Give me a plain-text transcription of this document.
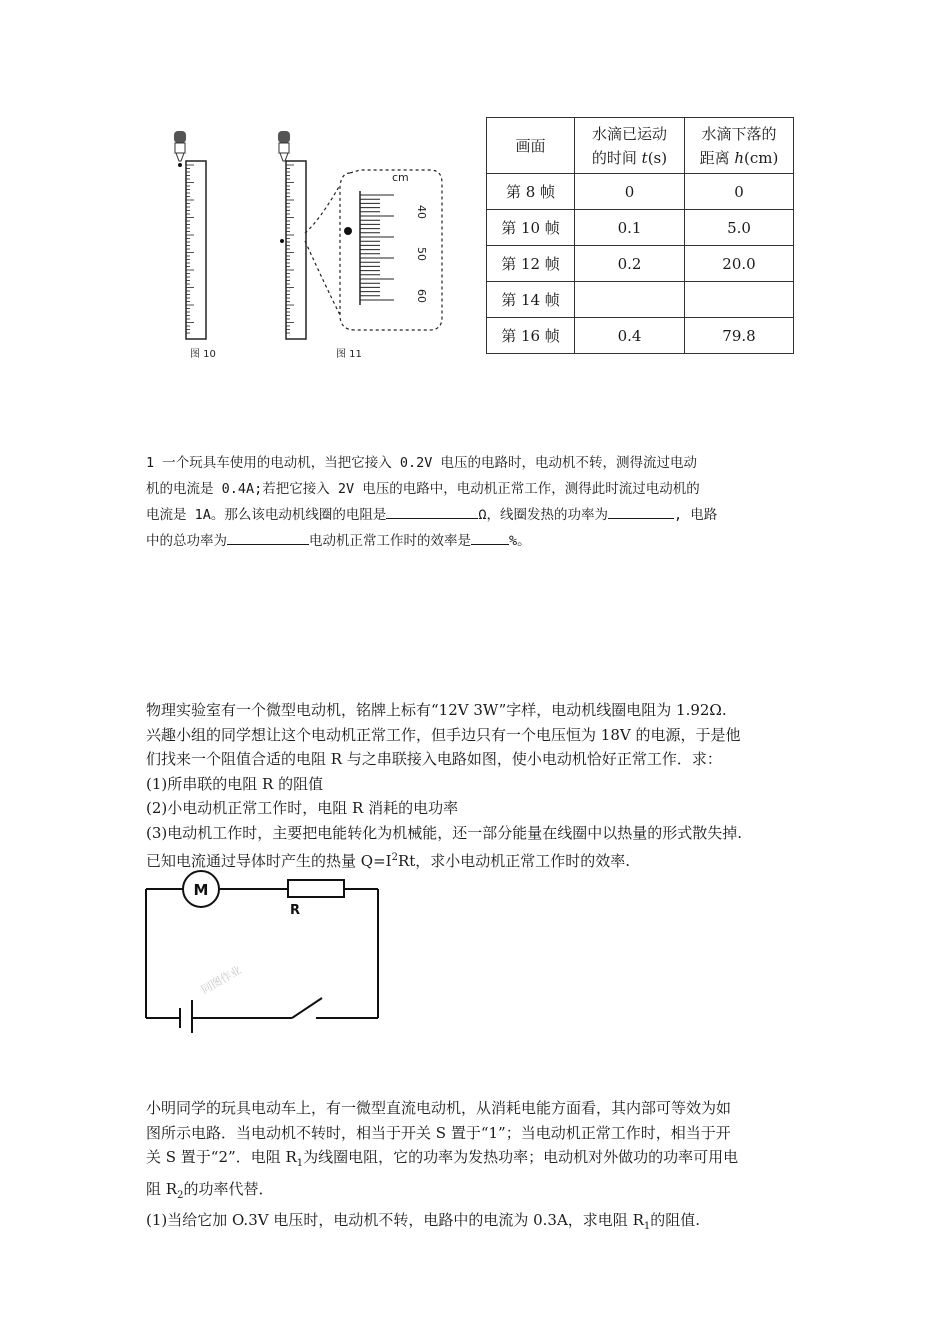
cm
40
50
60
图 10	图 11
画面	水滴已运动
的时间 t(s)	水滴下落的
距离 h(cm)
第 8 帧	0	0
第 10 帧	0.1	5.0
第 12 帧	0.2	20.0
第 14 帧		
第 16 帧	0.4	79.8
1 一个玩具车使用的电动机，当把它接入 0.2V 电压的电路时，电动机不转，测得流过电动
机的电流是 0.4A;若把它接入 2V 电压的电路中，电动机正常工作，测得此时流过电动机的
电流是 1A。那么该电动机线圈的电阻是	Ω，线圈发热的功率为	, 电路
中的总功率为	电动机正常工作时的效率是	%。
物理实验室有一个微型电动机，铭牌上标有“12V 3W”字样，电动机线圈电阻为 1.92Ω.
兴趣小组的同学想让这个电动机正常工作，但手边只有一个电压恒为 18V 的电源，于是他
们找来一个阻值合适的电阻 R 与之串联接入电路如图，使小电动机恰好正常工作．求：
(1)所串联的电阻 R 的阻值
(2)小电动机正常工作时，电阻 R 消耗的电功率
(3)电动机工作时，主要把电能转化为机械能，还一部分能量在线圈中以热量的形式散失掉.
已知电流通过导体时产生的热量 $Q=I^2Rt$，求小电动机正常工作时的效率.
M
R
同图作业
小明同学的玩具电动车上，有一微型直流电动机，从消耗电能方面看，其内部可等效为如
图所示电路．当电动机不转时，相当于开关 S 置于“1”；当电动机正常工作时，相当于开
关 S 置于“2”．电阻 $R_1$为线圈电阻，它的功率为发热功率；电动机对外做功的功率可用电
阻 $R_2$的功率代替．
(1)当给它加 O.3V 电压时，电动机不转，电路中的电流为 0.3A，求电阻 $R_1$的阻值.
